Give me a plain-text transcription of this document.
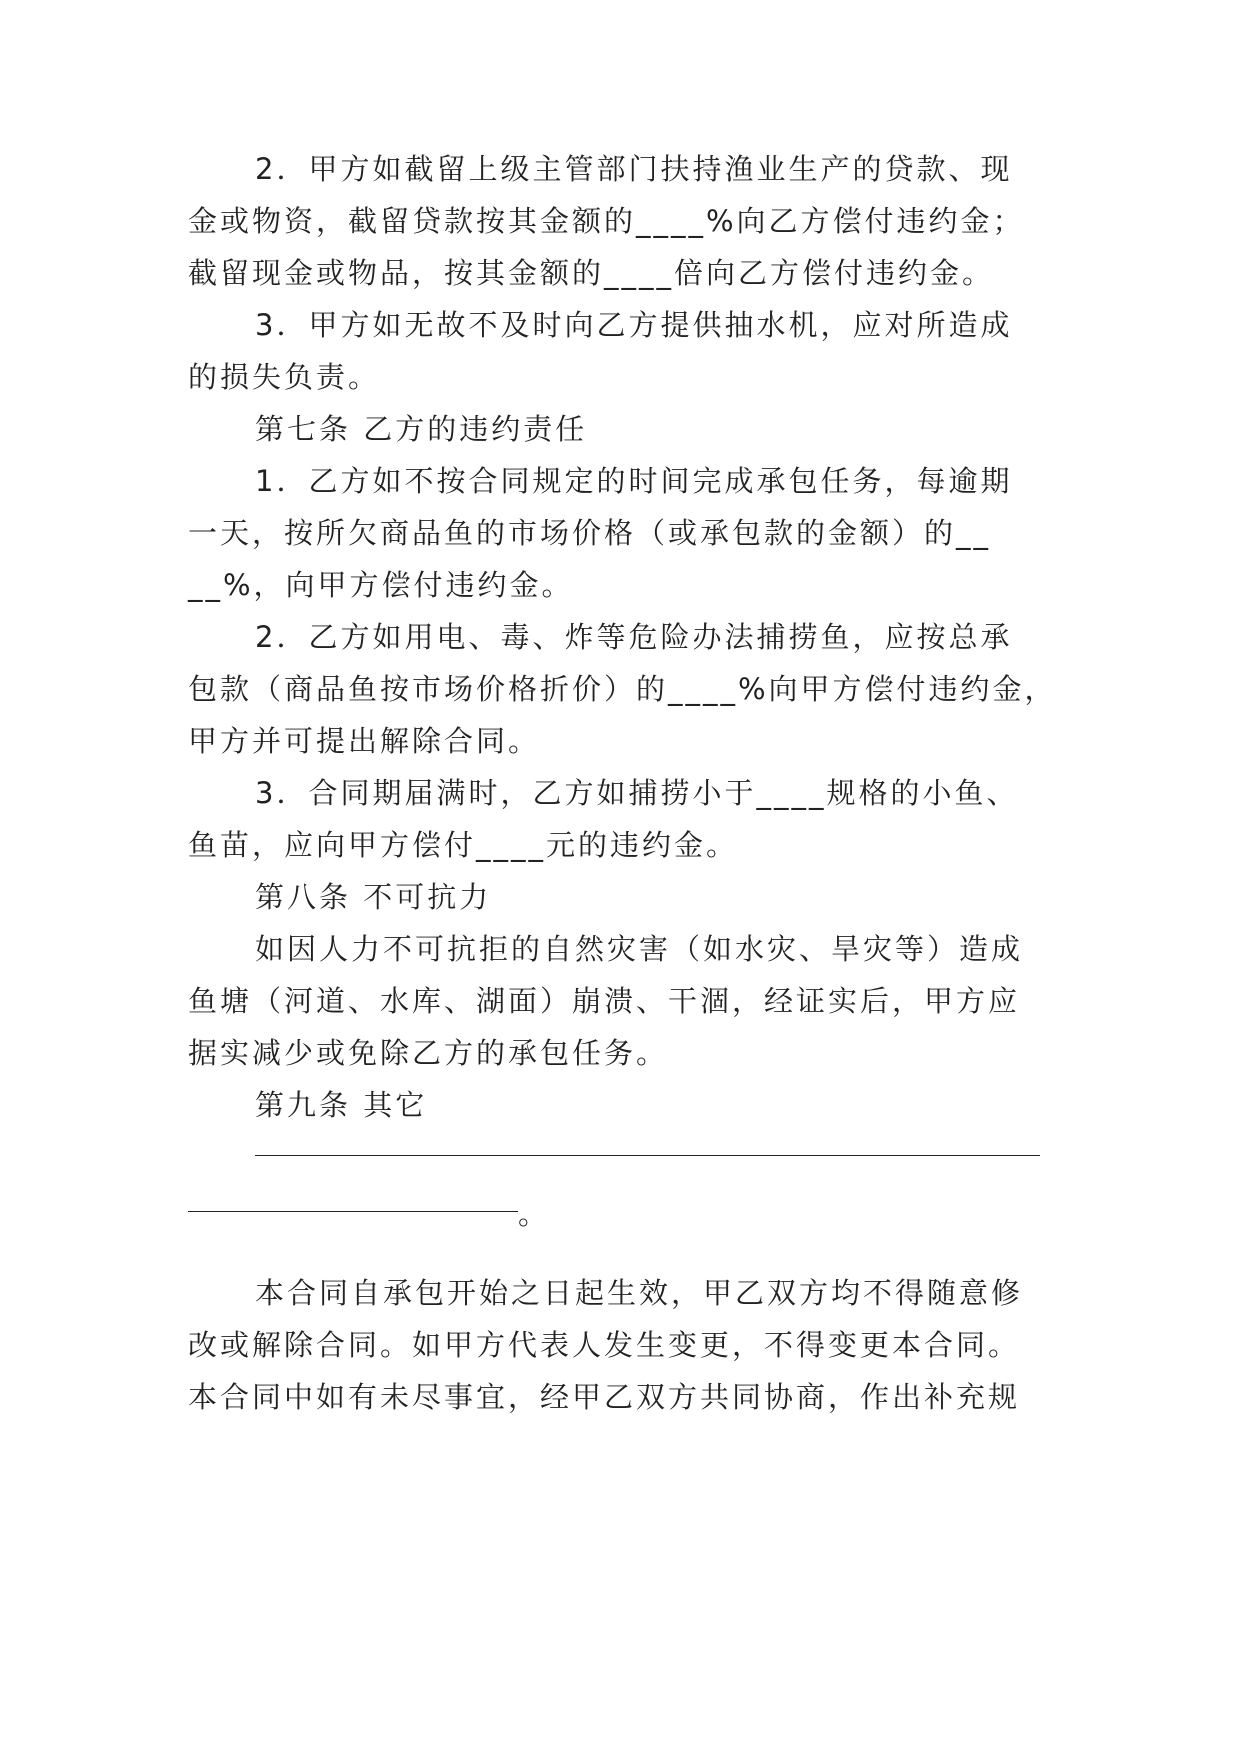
2．甲方如截留上级主管部门扶持渔业生产的贷款、现
金或物资，截留贷款按其金额的____%向乙方偿付违约金；
截留现金或物品，按其金额的____倍向乙方偿付违约金。
3．甲方如无故不及时向乙方提供抽水机，应对所造成
的损失负责。
第七条 乙方的违约责任
1．乙方如不按合同规定的时间完成承包任务，每逾期
一天，按所欠商品鱼的市场价格（或承包款的金额）的__
__%，向甲方偿付违约金。
2．乙方如用电、毒、炸等危险办法捕捞鱼，应按总承
包款（商品鱼按市场价格折价）的____%向甲方偿付违约金，
甲方并可提出解除合同。
3．合同期届满时，乙方如捕捞小于____规格的小鱼、
鱼苗，应向甲方偿付____元的违约金。
第八条 不可抗力
如因人力不可抗拒的自然灾害（如水灾、旱灾等）造成
鱼塘（河道、水库、湖面）崩溃、干涸，经证实后，甲方应
据实减少或免除乙方的承包任务。
第九条 其它
。
本合同自承包开始之日起生效，甲乙双方均不得随意修
改或解除合同。如甲方代表人发生变更，不得变更本合同。
本合同中如有未尽事宜，经甲乙双方共同协商，作出补充规
